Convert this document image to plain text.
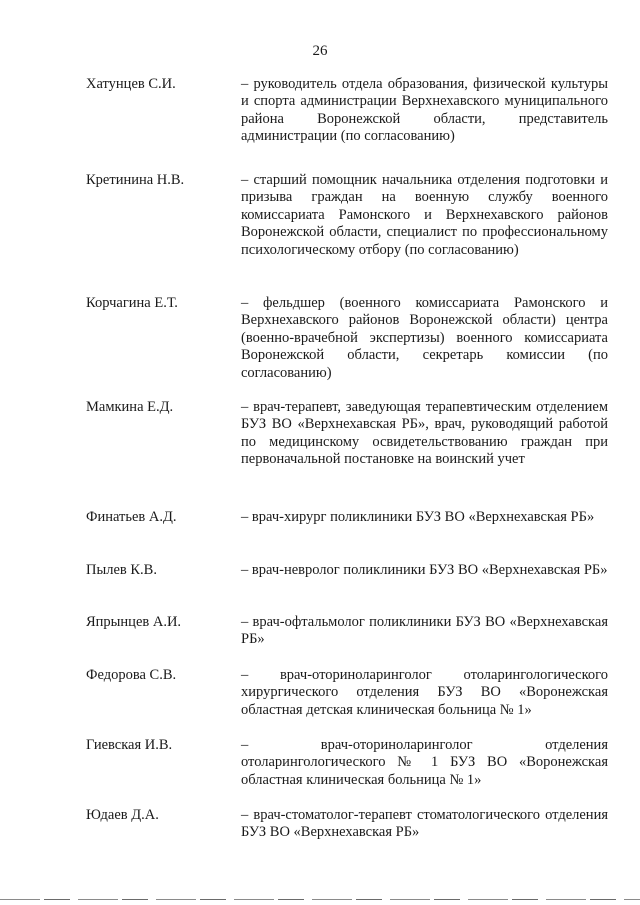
26
Хатунцев С.И.	– руководитель отдела образования, физической культуры и спорта администрации Верхнехавского муниципального района Воронежской области, представитель администрации (по согласованию)
Кретинина Н.В.	– старший помощник начальника отделения подготовки и призыва граждан на военную службу военного комиссариата Рамонского и Верхнехавского районов Воронежской области, специалист по профессиональному психологическому отбору (по согласованию)
Корчагина Е.Т.	– фельдшер (военного комиссариата Рамонского и Верхнехавского районов Воронежской области) центра (военно-врачебной экспертизы) военного комиссариата Воронежской области, секретарь комиссии (по согласованию)
Мамкина Е.Д.	– врач-терапевт, заведующая терапевтическим отделением БУЗ ВО «Верхнехавская РБ», врач, руководящий работой по медицинскому освидетельствованию граждан при первоначальной постановке на воинский учет
Финатьев А.Д.	– врач-хирург поликлиники БУЗ ВО «Верхнехавская РБ»
Пылев К.В.	– врач-невролог поликлиники БУЗ ВО «Верхнехавская РБ»
Япрынцев А.И.	– врач-офтальмолог поликлиники БУЗ ВО «Верхнехавская РБ»
Федорова С.В.	– врач-оториноларинголог отоларингологического хирургического отделения БУЗ ВО «Воронежская областная детская клиническая больница № 1»
Гиевская И.В.	– врач-оториноларинголог отделения отоларингологического № 1 БУЗ ВО «Воронежская областная клиническая больница № 1»
Юдаев Д.А.	– врач-стоматолог-терапевт стоматологического отделения БУЗ ВО «Верхнехавская РБ»
